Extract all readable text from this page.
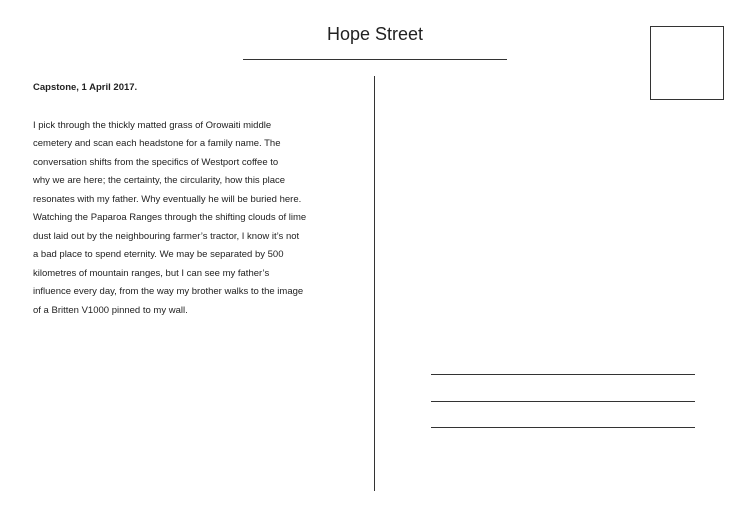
Hope Street
Capstone, 1 April 2017.
I pick through the thickly matted grass of Orowaiti middle
cemetery and scan each headstone for a family name. The
conversation shifts from the specifics of Westport coffee to
why we are here; the certainty, the circularity, how this place
resonates with my father. Why eventually he will be buried here.
Watching the Paparoa Ranges through the shifting clouds of lime
dust laid out by the neighbouring farmer’s tractor, I know it’s not
a bad place to spend eternity. We may be separated by 500
kilometres of mountain ranges, but I can see my father’s
influence every day, from the way my brother walks to the image
of a Britten V1000 pinned to my wall.
